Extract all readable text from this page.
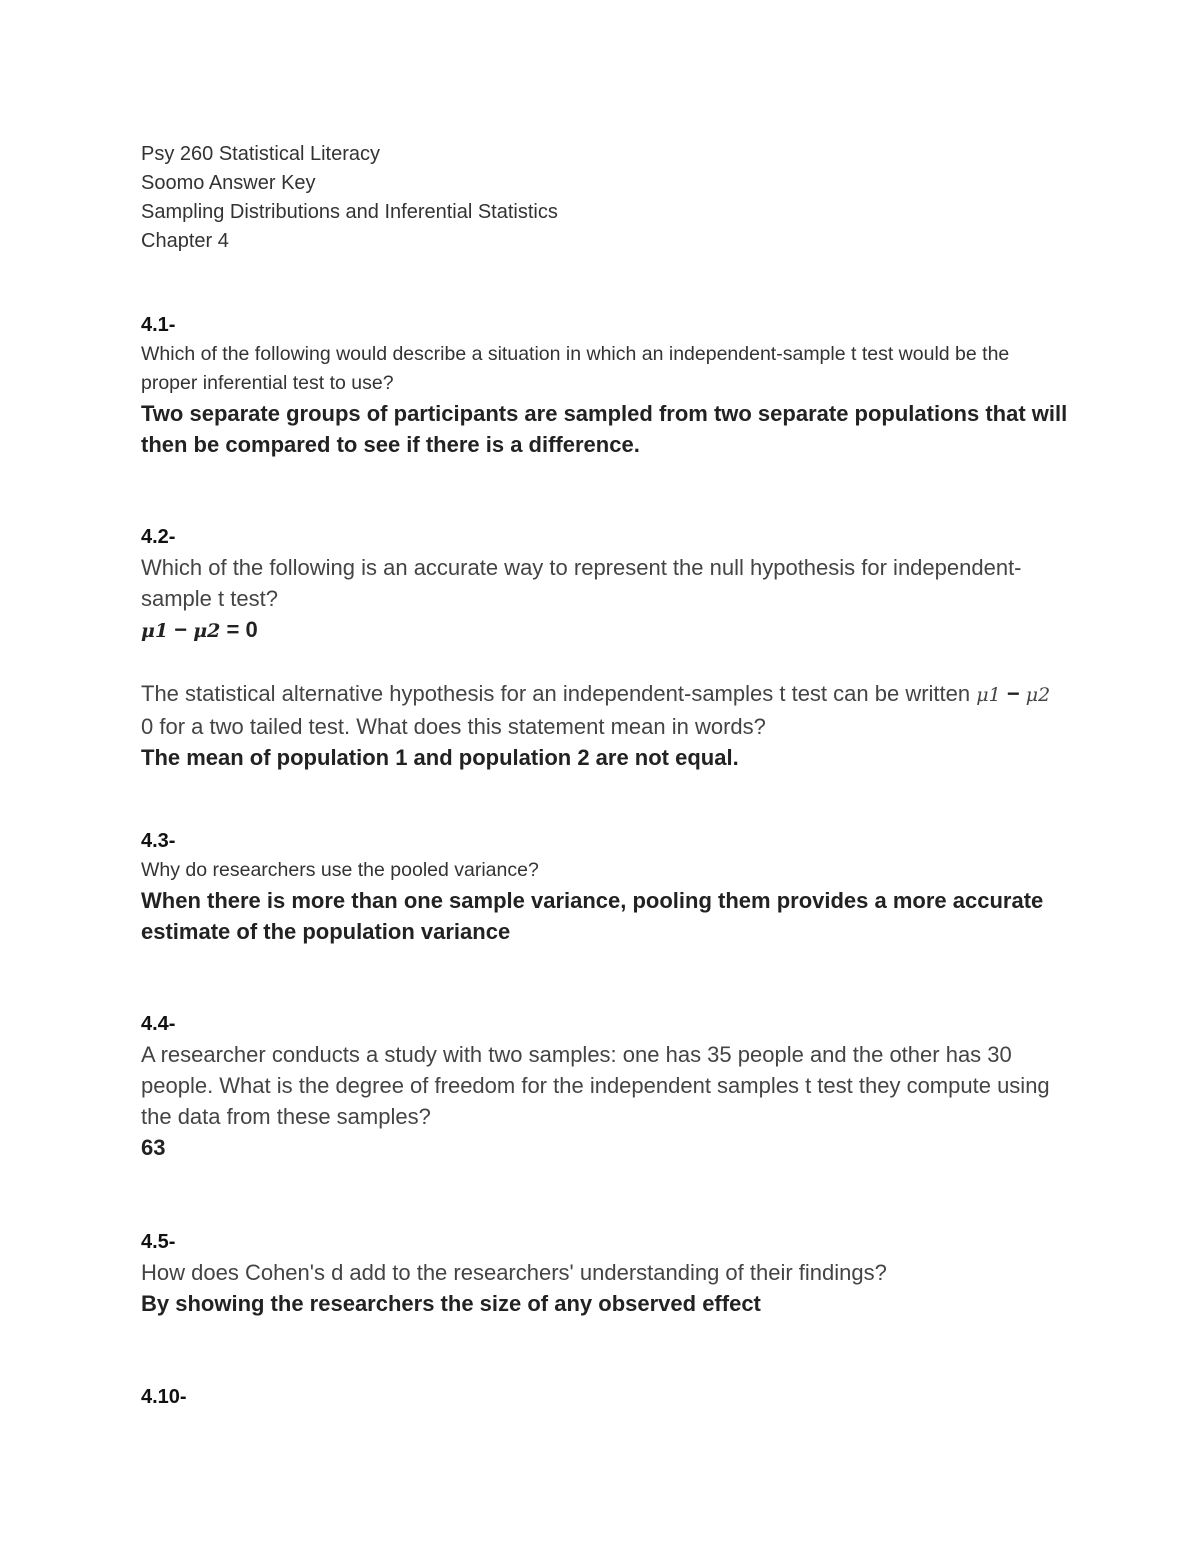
Psy 260 Statistical Literacy
Soomo Answer Key
Sampling Distributions and Inferential Statistics
Chapter 4
4.1-
Which of the following would describe a situation in which an independent-sample t test would be the proper inferential test to use?
Two separate groups of participants are sampled from two separate populations that will then be compared to see if there is a difference.
4.2-
Which of the following is an accurate way to represent the null hypothesis for independent-sample t test?
μ1 − μ2 = 0
The statistical alternative hypothesis for an independent-samples t test can be written μ1 − μ20 for a two tailed test. What does this statement mean in words?
The mean of population 1 and population 2 are not equal.
4.3-
Why do researchers use the pooled variance?
When there is more than one sample variance, pooling them provides a more accurate estimate of the population variance
4.4-
A researcher conducts a study with two samples: one has 35 people and the other has 30 people. What is the degree of freedom for the independent samples t test they compute using the data from these samples?
63
4.5-
How does Cohen's d add to the researchers' understanding of their findings?
By showing the researchers the size of any observed effect
4.10-
